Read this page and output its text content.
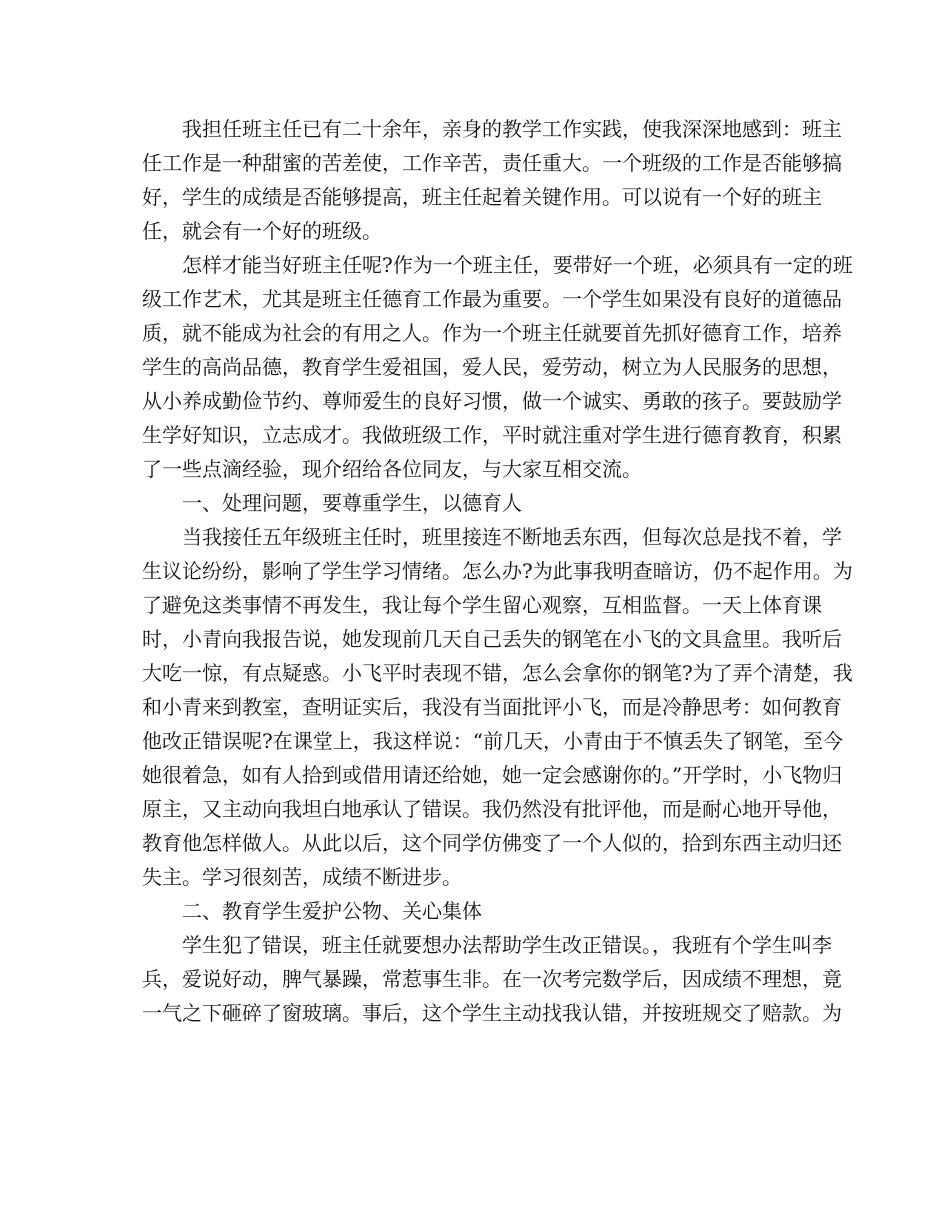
我担任班主任已有二十余年，亲身的教学工作实践，使我深深地感到：班主
任工作是一种甜蜜的苦差使，工作辛苦，责任重大。一个班级的工作是否能够搞
好，学生的成绩是否能够提高，班主任起着关键作用。可以说有一个好的班主
任，就会有一个好的班级。
怎样才能当好班主任呢?作为一个班主任，要带好一个班，必须具有一定的班
级工作艺术，尤其是班主任德育工作最为重要。一个学生如果没有良好的道德品
质，就不能成为社会的有用之人。作为一个班主任就要首先抓好德育工作，培养
学生的高尚品德，教育学生爱祖国，爱人民，爱劳动，树立为人民服务的思想，
从小养成勤俭节约、尊师爱生的良好习惯，做一个诚实、勇敢的孩子。要鼓励学
生学好知识，立志成才。我做班级工作，平时就注重对学生进行德育教育，积累
了一些点滴经验，现介绍给各位同友，与大家互相交流。
一、处理问题，要尊重学生，以德育人
当我接任五年级班主任时，班里接连不断地丢东西，但每次总是找不着，学
生议论纷纷，影响了学生学习情绪。怎么办?为此事我明查暗访，仍不起作用。为
了避免这类事情不再发生，我让每个学生留心观察，互相监督。一天上体育课
时，小青向我报告说，她发现前几天自己丢失的钢笔在小飞的文具盒里。我听后
大吃一惊，有点疑惑。小飞平时表现不错，怎么会拿你的钢笔?为了弄个清楚，我
和小青来到教室，查明证实后，我没有当面批评小飞，而是冷静思考：如何教育
他改正错误呢?在课堂上，我这样说：“前几天，小青由于不慎丢失了钢笔，至今
她很着急，如有人拾到或借用请还给她，她一定会感谢你的。”开学时，小飞物归
原主，又主动向我坦白地承认了错误。我仍然没有批评他，而是耐心地开导他，
教育他怎样做人。从此以后，这个同学仿佛变了一个人似的，拾到东西主动归还
失主。学习很刻苦，成绩不断进步。
二、教育学生爱护公物、关心集体
学生犯了错误，班主任就要想办法帮助学生改正错误。，我班有个学生叫李
兵，爱说好动，脾气暴躁，常惹事生非。在一次考完数学后，因成绩不理想，竟
一气之下砸碎了窗玻璃。事后，这个学生主动找我认错，并按班规交了赔款。为
